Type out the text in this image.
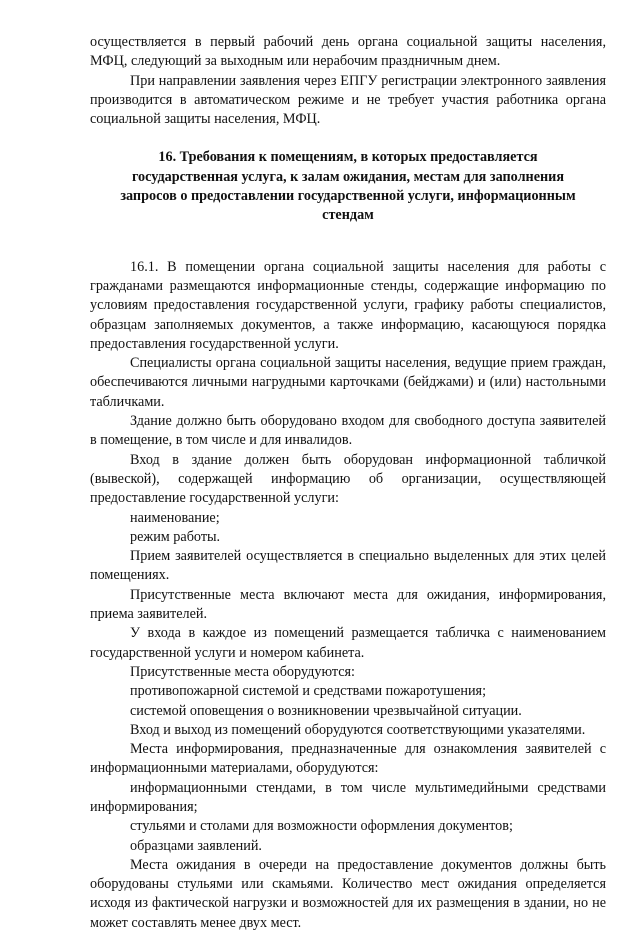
осуществляется в первый рабочий день органа социальной защиты населения, МФЦ, следующий за выходным или нерабочим праздничным днем.

При направлении заявления через ЕПГУ регистрации электронного заявления производится в автоматическом режиме и не требует участия работника органа социальной защиты населения, МФЦ.

16. Требования к помещениям, в которых предоставляется
государственная услуга, к залам ожидания, местам для заполнения
запросов о предоставлении государственной услуги, информационным
стендам

16.1. В помещении органа социальной защиты населения для работы с гражданами размещаются информационные стенды, содержащие информацию по условиям предоставления государственной услуги, графику работы специалистов, образцам заполняемых документов, а также информацию, касающуюся порядка предоставления государственной услуги.

Специалисты органа социальной защиты населения, ведущие прием граждан, обеспечиваются личными нагрудными карточками (бейджами) и (или) настольными табличками.

Здание должно быть оборудовано входом для свободного доступа заявителей в помещение, в том числе и для инвалидов.

Вход в здание должен быть оборудован информационной табличкой (вывеской), содержащей информацию об организации, осуществляющей предоставление государственной услуги:

наименование;

режим работы.

Прием заявителей осуществляется в специально выделенных для этих целей помещениях.

Присутственные места включают места для ожидания, информирования, приема заявителей.

У входа в каждое из помещений размещается табличка с наименованием государственной услуги и номером кабинета.

Присутственные места оборудуются:

противопожарной системой и средствами пожаротушения;

системой оповещения о возникновении чрезвычайной ситуации.

Вход и выход из помещений оборудуются соответствующими указателями.

Места информирования, предназначенные для ознакомления заявителей с информационными материалами, оборудуются:

информационными стендами, в том числе мультимедийными средствами информирования;

стульями и столами для возможности оформления документов;

образцами заявлений.

Места ожидания в очереди на предоставление документов должны быть оборудованы стульями или скамьями. Количество мест ожидания определяется исходя из фактической нагрузки и возможностей для их размещения в здании, но не может составлять менее двух мест.
